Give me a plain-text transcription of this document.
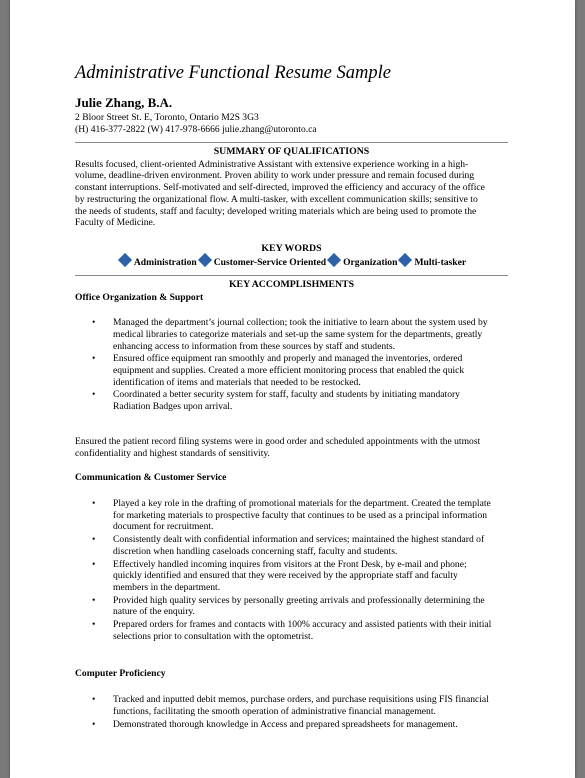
Administrative Functional Resume Sample
Julie Zhang, B.A.
2 Bloor Street St. E, Toronto, Ontario M2S 3G3
(H) 416-377-2822 (W) 417-978-6666 julie.zhang@utoronto.ca
SUMMARY OF QUALIFICATIONS
Results focused, client-oriented Administrative Assistant with extensive experience working in a high-
volume, deadline-driven environment. Proven ability to work under pressure and remain focused during
constant interruptions. Self-motivated and self-directed, improved the efficiency and accuracy of the office
by restructuring the organizational flow. A multi-tasker, with excellent communication skills; sensitive to
the needs of students, staff and faculty; developed writing materials which are being used to promote the
Faculty of Medicine.
KEY WORDS
Administration Customer-Service Oriented Organization Multi-tasker
KEY ACCOMPLISHMENTS
Office Organization & Support
• Managed the department’s journal collection; took the initiative to learn about the system used by
medical libraries to categorize materials and set-up the same system for the departments, greatly
enhancing access to information from these sources by staff and students.
• Ensured office equipment ran smoothly and properly and managed the inventories, ordered
equipment and supplies. Created a more efficient monitoring process that enabled the quick
identification of items and materials that needed to be restocked.
• Coordinated a better security system for staff, faculty and students by initiating mandatory
Radiation Badges upon arrival.
Ensured the patient record filing systems were in good order and scheduled appointments with the utmost
confidentiality and highest standards of sensitivity.
Communication & Customer Service
• Played a key role in the drafting of promotional materials for the department. Created the template
for marketing materials to prospective faculty that continues to be used as a principal information
document for recruitment.
• Consistently dealt with confidential information and services; maintained the highest standard of
discretion when handling caseloads concerning staff, faculty and students.
• Effectively handled incoming inquires from visitors at the Front Desk, by e-mail and phone;
quickly identified and ensured that they were received by the appropriate staff and faculty
members in the department.
• Provided high quality services by personally greeting arrivals and professionally determining the
nature of the enquiry.
• Prepared orders for frames and contacts with 100% accuracy and assisted patients with their initial
selections prior to consultation with the optometrist.
Computer Proficiency
• Tracked and inputted debit memos, purchase orders, and purchase requisitions using FIS financial
functions, facilitating the smooth operation of administrative financial management.
• Demonstrated thorough knowledge in Access and prepared spreadsheets for management.
